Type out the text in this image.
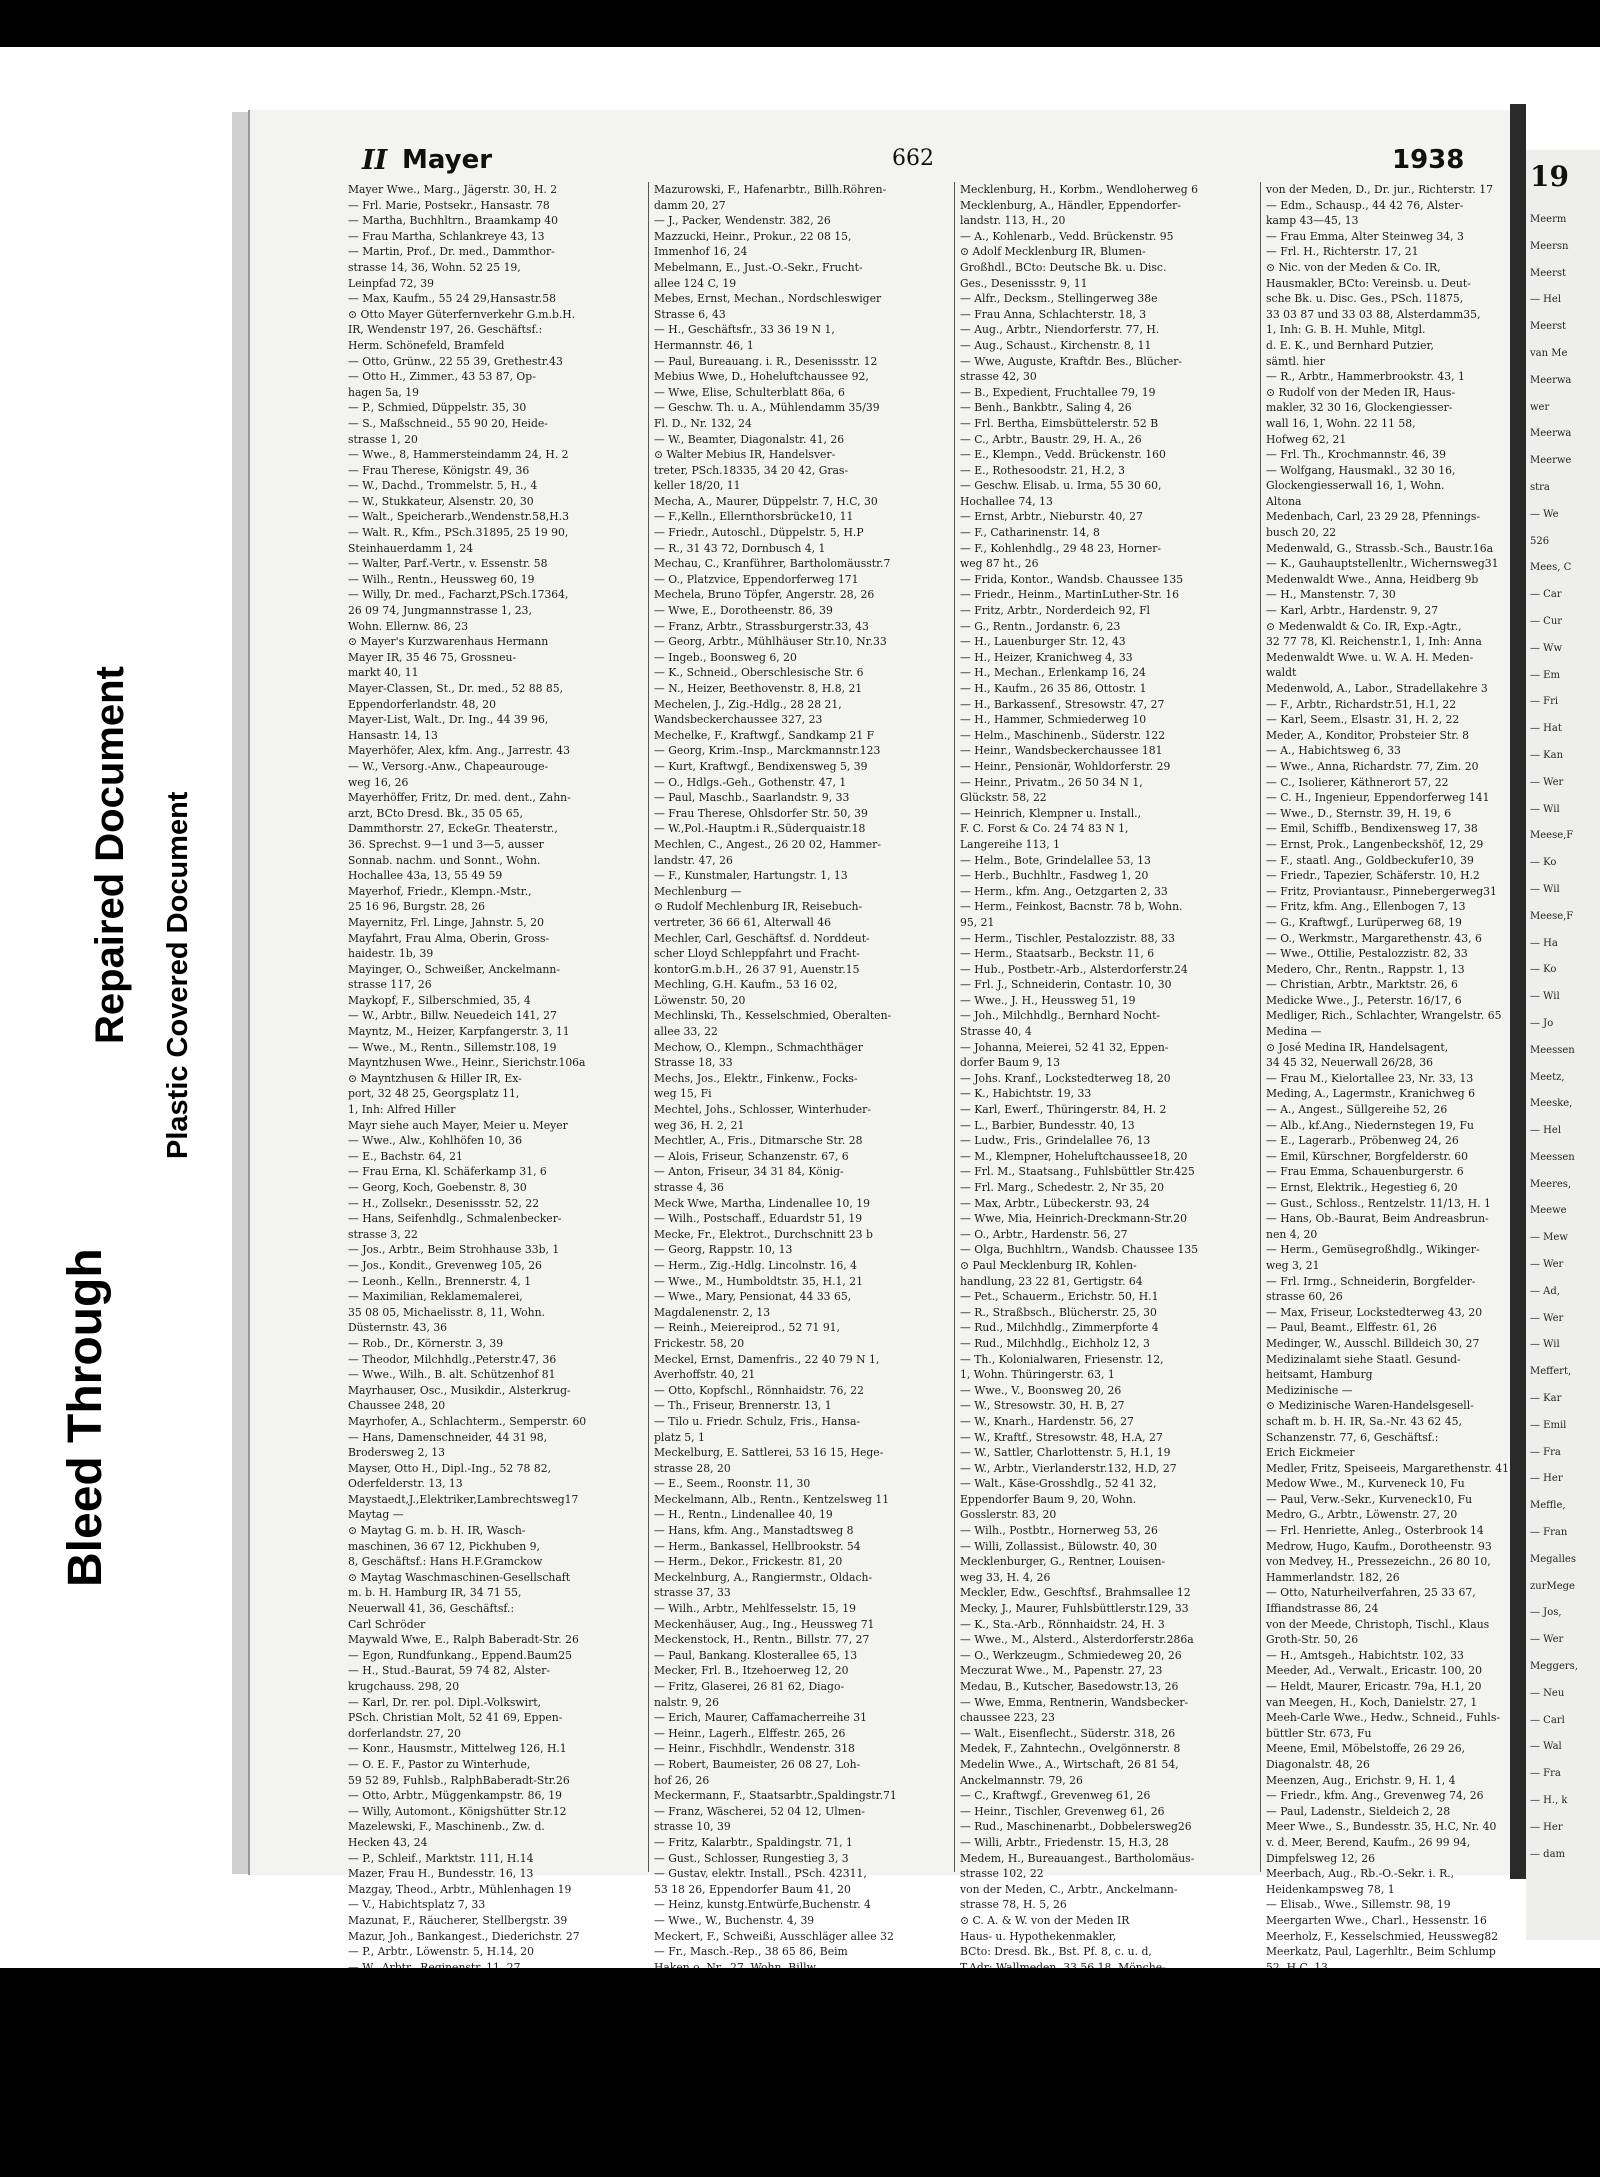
Bleed Through
Repaired Document Plastic Covered Document
II Mayer	662	1938

Mayer Wwe., Marg., Jägerstr. 30, H. 2

— Frl. Marie, Postsekr., Hansastr. 78

— Martha, Buchhltrn., Braamkamp 40

— Frau Martha, Schlankreye 43, 13

— Martin, Prof., Dr. med., Dammthor-

strasse 14, 36, Wohn. 52 25 19,

Leinpfad 72, 39

— Max, Kaufm., 55 24 29,Hansastr.58

⊙ Otto Mayer Güterfernverkehr G.m.b.H.

IR, Wendenstr 197, 26. Geschäftsf.:

Herm. Schönefeld, Bramfeld

— Otto, Grünw., 22 55 39, Grethestr.43

— Otto H., Zimmer., 43 53 87, Op-

hagen 5a, 19

— P., Schmied, Düppelstr. 35, 30

— S., Maßschneid., 55 90 20, Heide-

strasse 1, 20

— Wwe., 8, Hammersteindamm 24, H. 2

— Frau Therese, Königstr. 49, 36

— W., Dachd., Trommelstr. 5, H., 4

— W., Stukkateur, Alsenstr. 20, 30

— Walt., Speicherarb.,Wendenstr.58,H.3

— Walt. R., Kfm., PSch.31895, 25 19 90,

Steinhauerdamm 1, 24

— Walter, Parf.-Vertr., v. Essenstr. 58

— Wilh., Rentn., Heussweg 60, 19

— Willy, Dr. med., Facharzt,PSch.17364,

26 09 74, Jungmannstrasse 1, 23,

Wohn. Ellernw. 86, 23

⊙ Mayer's Kurzwarenhaus Hermann

Mayer IR, 35 46 75, Grossneu-

markt 40, 11

Mayer-Classen, St., Dr. med., 52 88 85,

Eppendorferlandstr. 48, 20

Mayer-List, Walt., Dr. Ing., 44 39 96,

Hansastr. 14, 13

Mayerhöfer, Alex, kfm. Ang., Jarrestr. 43

— W., Versorg.-Anw., Chapeaurouge-

weg 16, 26

Mayerhöffer, Fritz, Dr. med. dent., Zahn-

arzt, BCto Dresd. Bk., 35 05 65,

Dammthorstr. 27, EckeGr. Theaterstr.,

36. Sprechst. 9—1 und 3—5, ausser

Sonnab. nachm. und Sonnt., Wohn.

Hochallee 43a, 13, 55 49 59

Mayerhof, Friedr., Klempn.-Mstr.,

25 16 96, Burgstr. 28, 26

Mayernitz, Frl. Linge, Jahnstr. 5, 20

Mayfahrt, Frau Alma, Oberin, Gross-

haidestr. 1b, 39

Mayinger, O., Schweißer, Anckelmann-

strasse 117, 26

Maykopf, F., Silberschmied, 35, 4

— W., Arbtr., Billw. Neuedeich 141, 27

Mayntz, M., Heizer, Karpfangerstr. 3, 11

— Wwe., M., Rentn., Sillemstr.108, 19

Mayntzhusen Wwe., Heinr., Sierichstr.106a

⊙ Mayntzhusen & Hiller IR, Ex-

port, 32 48 25, Georgsplatz 11,

1, Inh: Alfred Hiller

Mayr siehe auch Mayer, Meier u. Meyer

— Wwe., Alw., Kohlhöfen 10, 36

— E., Bachstr. 64, 21

— Frau Erna, Kl. Schäferkamp 31, 6

— Georg, Koch, Goebenstr. 8, 30

— H., Zollsekr., Desenissstr. 52, 22

— Hans, Seifenhdlg., Schmalenbecker-

strasse 3, 22

— Jos., Arbtr., Beim Strohhause 33b, 1

— Jos., Kondit., Grevenweg 105, 26

— Leonh., Kelln., Brennerstr. 4, 1

— Maximilian, Reklamemalerei,

35 08 05, Michaelisstr. 8, 11, Wohn.

Düsternstr. 43, 36

— Rob., Dr., Körnerstr. 3, 39

— Theodor, Milchhdlg.,Peterstr.47, 36

— Wwe., Wilh., B. alt. Schützenhof 81

Mayrhauser, Osc., Musikdir., Alsterkrug-

Chaussee 248, 20

Mayrhofer, A., Schlachterm., Semperstr. 60

— Hans, Damenschneider, 44 31 98,

Brodersweg 2, 13

Mayser, Otto H., Dipl.-Ing., 52 78 82,

Oderfelderstr. 13, 13

Maystaedt,J.,Elektriker,Lambrechtsweg17

Maytag —

⊙ Maytag G. m. b. H. IR, Wasch-

maschinen, 36 67 12, Pickhuben 9,

8, Geschäftsf.: Hans H.F.Gramckow

⊙ Maytag Waschmaschinen-Gesellschaft

m. b. H. Hamburg IR, 34 71 55,

Neuerwall 41, 36, Geschäftsf.:

Carl Schröder

Maywald Wwe, E., Ralph Baberadt-Str. 26

— Egon, Rundfunkang., Eppend.Baum25

— H., Stud.-Baurat, 59 74 82, Alster-

krugchauss. 298, 20

— Karl, Dr. rer. pol. Dipl.-Volkswirt,

PSch. Christian Molt, 52 41 69, Eppen-

dorferlandstr. 27, 20

— Konr., Hausmstr., Mittelweg 126, H.1

— O. E. F., Pastor zu Winterhude,

59 52 89, Fuhlsb., RalphBaberadt-Str.26

— Otto, Arbtr., Müggenkampstr. 86, 19

— Willy, Automont., Königshütter Str.12

Mazelewski, F., Maschinenb., Zw. d.

Hecken 43, 24

— P., Schleif., Marktstr. 111, H.14

Mazer, Frau H., Bundesstr. 16, 13

Mazgay, Theod., Arbtr., Mühlenhagen 19

— V., Habichtsplatz 7, 33

Mazunat, F., Räucherer, Stellbergstr. 39

Mazur, Joh., Bankangest., Diederichstr. 27

— P., Arbtr., Löwenstr. 5, H.14, 20

Mazurowski, F., Hafenarbtr., Billh.Röhren-

damm 20, 27

— J., Packer, Wendenstr. 382, 26

Mazzucki, Heinr., Prokur., 22 08 15,

Immenhof 16, 24

Mebelmann, E., Just.-O.-Sekr., Frucht-

allee 124 C, 19

Mebes, Ernst, Mechan., Nordschleswiger

Strasse 6, 43

— H., Geschäftsfr., 33 36 19 N 1,

Hermannstr. 46, 1

— Paul, Bureauang. i. R., Desenissstr. 12

Mebius Wwe, D., Hoheluftchaussee 92,

— Wwe, Elise, Schulterblatt 86a, 6

— Geschw. Th. u. A., Mühlendamm 35/39

Fl. D., Nr. 132, 24

— W., Beamter, Diagonalstr. 41, 26

⊙ Walter Mebius IR, Handelsver-

treter, PSch.18335, 34 20 42, Gras-

keller 18/20, 11

Mecha, A., Maurer, Düppelstr. 7, H.C, 30

— F.,Kelln., Ellernthorsbrücke10, 11

— Friedr., Autoschl., Düppelstr. 5, H.P

— R., 31 43 72, Dornbusch 4, 1

Mechau, C., Kranführer, Bartholomäusstr.7

— O., Platzvice, Eppendorferweg 171

Mechela, Bruno Töpfer, Angerstr. 28, 26

— Wwe, E., Dorotheenstr. 86, 39

— Franz, Arbtr., Strassburgerstr.33, 43

— Georg, Arbtr., Mühlhäuser Str.10, Nr.33

— Ingeb., Boonsweg 6, 20

— K., Schneid., Oberschlesische Str. 6

— N., Heizer, Beethovenstr. 8, H.8, 21

Mechelen, J., Zig.-Hdlg., 28 28 21,

Wandsbeckerchaussee 327, 23

Mechelke, F., Kraftwgf., Sandkamp 21 F

— Georg, Krim.-Insp., Marckmannstr.123

— Kurt, Kraftwgf., Bendixensweg 5, 39

— O., Hdlgs.-Geh., Gothenstr. 47, 1

— Paul, Maschb., Saarlandstr. 9, 33

— Frau Therese, Ohlsdorfer Str. 50, 39

— W.,Pol.-Hauptm.i R.,Süderquaistr.18

Mechlen, C., Angest., 26 20 02, Hammer-

landstr. 47, 26

— F., Kunstmaler, Hartungstr. 1, 13

Mechlenburg —

⊙ Rudolf Mechlenburg IR, Reisebuch-

vertreter, 36 66 61, Alterwall 46

Mechler, Carl, Geschäftsf. d. Norddeut-

scher Lloyd Schleppfahrt und Fracht-

kontorG.m.b.H., 26 37 91, Auenstr.15

Mechling, G.H. Kaufm., 53 16 02,

Löwenstr. 50, 20

Mechlinski, Th., Kesselschmied, Oberalten-

allee 33, 22

Mechow, O., Klempn., Schmachthäger

Strasse 18, 33

Mechs, Jos., Elektr., Finkenw., Focks-

weg 15, Fi

Mechtel, Johs., Schlosser, Winterhuder-

weg 36, H. 2, 21

Mechtler, A., Fris., Ditmarsche Str. 28

— Alois, Friseur, Schanzenstr. 67, 6

— Anton, Friseur, 34 31 84, König-

strasse 4, 36

Meck Wwe, Martha, Lindenallee 10, 19

— Wilh., Postschaff., Eduardstr 51, 19

Mecke, Fr., Elektrot., Durchschnitt 23 b

— Georg, Rappstr. 10, 13

— Herm., Zig.-Hdlg. Lincolnstr. 16, 4

— Wwe., M., Humboldtstr. 35, H.1, 21

— Wwe., Mary, Pensionat, 44 33 65,

Magdalenenstr. 2, 13

— Reinh., Meiereiprod., 52 71 91,

Frickestr. 58, 20

Meckel, Ernst, Damenfris., 22 40 79 N 1,

Averhoffstr. 40, 21

— Otto, Kopfschl., Rönnhaidstr. 76, 22

— Th., Friseur, Brennerstr. 13, 1

— Tilo u. Friedr. Schulz, Fris., Hansa-

platz 5, 1

Meckelburg, E. Sattlerei, 53 16 15, Hege-

strasse 28, 20

— E., Seem., Roonstr. 11, 30

Meckelmann, Alb., Rentn., Kentzelsweg 11

— H., Rentn., Lindenallee 40, 19

— Hans, kfm. Ang., Manstadtsweg 8

— Herm., Bankassel, Hellbrookstr. 54

— Herm., Dekor., Frickestr. 81, 20

Meckelnburg, A., Rangiermstr., Oldach-

strasse 37, 33

— Wilh., Arbtr., Mehlfesselstr. 15, 19

Meckenhäuser, Aug., Ing., Heussweg 71

Meckenstock, H., Rentn., Billstr. 77, 27

— Paul, Bankang. Klosterallee 65, 13

Mecker, Frl. B., Itzehoerweg 12, 20

— Fritz, Glaserei, 26 81 62, Diago-

nalstr. 9, 26

— Erich, Maurer, Caffamacherreihe 31

— Heinr., Lagerh., Elffestr. 265, 26

— Heinr., Fischhdlr., Wendenstr. 318

— Robert, Baumeister, 26 08 27, Loh-

hof 26, 26

Meckermann, F., Staatsarbtr.,Spaldingstr.71

— Franz, Wäscherei, 52 04 12, Ulmen-

strasse 10, 39

— Fritz, Kalarbtr., Spaldingstr. 71, 1

— Gust., Schlosser, Rungestieg 3, 3

— Gustav, elektr. Install., PSch. 42311,

53 18 26, Eppendorfer Baum 41, 20

— Heinz, kunstg.Entwürfe,Buchenstr. 4

— Wwe., W., Buchenstr. 4, 39

Meckert, F., Schweißi, Ausschläger allee 32

— Fr., Masch.-Rep., 38 65 86, Beim

Mecklenburg, H., Korbm., Wendloherweg 6

Mecklenburg, A., Händler, Eppendorfer-

landstr. 113, H., 20

— A., Kohlenarb., Vedd. Brückenstr. 95

⊙ Adolf Mecklenburg IR, Blumen-

Großhdl., BCto: Deutsche Bk. u. Disc.

Ges., Desenissstr. 9, 11

— Alfr., Decksm., Stellingerweg 38e

— Frau Anna, Schlachterstr. 18, 3

— Aug., Arbtr., Niendorferstr. 77, H.

— Aug., Schaust., Kirchenstr. 8, 11

— Wwe, Auguste, Kraftdr. Bes., Blücher-

strasse 42, 30

— B., Expedient, Fruchtallee 79, 19

— Benh., Bankbtr., Saling 4, 26

— Frl. Bertha, Eimsbüttelerstr. 52 B

— C., Arbtr., Baustr. 29, H. A., 26

— E., Klempn., Vedd. Brückenstr. 160

— E., Rothesoodstr. 21, H.2, 3

— Geschw. Elisab. u. Irma, 55 30 60,

Hochallee 74, 13

— Ernst, Arbtr., Nieburstr. 40, 27

— F., Catharinenstr. 14, 8

— F., Kohlenhdlg., 29 48 23, Horner-

weg 87 ht., 26

— Frida, Kontor., Wandsb. Chaussee 135

— Friedr., Heinm., MartinLuther-Str. 16

— Fritz, Arbtr., Norderdeich 92, Fl

— G., Rentn., Jordanstr. 6, 23

— H., Lauenburger Str. 12, 43

— H., Heizer, Kranichweg 4, 33

— H., Mechan., Erlenkamp 16, 24

— H., Kaufm., 26 35 86, Ottostr. 1

— H., Barkassenf., Stresowstr. 47, 27

— H., Hammer, Schmiederweg 10

— Helm., Maschinenb., Süderstr. 122

— Heinr., Wandsbeckerchaussee 181

— Heinr., Pensionär, Wohldorferstr. 29

— Heinr., Privatm., 26 50 34 N 1,

Glückstr. 58, 22

— Heinrich, Klempner u. Install.,

F. C. Forst & Co. 24 74 83 N 1,

Langereihe 113, 1

— Helm., Bote, Grindelallee 53, 13

— Herb., Buchhltr., Fasdweg 1, 20

— Herm., kfm. Ang., Oetzgarten 2, 33

— Herm., Feinkost, Bacnstr. 78 b, Wohn.

95, 21

— Herm., Tischler, Pestalozzistr. 88, 33

— Herm., Staatsarb., Beckstr. 11, 6

— Hub., Postbetr.-Arb., Alsterdorferstr.24

— Frl. J., Schneiderin, Contastr. 10, 30

— Wwe., J. H., Heussweg 51, 19

— Joh., Milchhdlg., Bernhard Nocht-

Strasse 40, 4

— Johanna, Meierei, 52 41 32, Eppen-

dorfer Baum 9, 13

— Johs. Kranf., Lockstedterweg 18, 20

— K., Habichtstr. 19, 33

— Karl, Ewerf., Thüringerstr. 84, H. 2

— L., Barbier, Bundesstr. 40, 13

— Ludw., Fris., Grindelallee 76, 13

— M., Klempner, Hoheluftchaussee18, 20

— Frl. M., Staatsang., Fuhlsbüttler Str.425

— Frl. Marg., Schedestr. 2, Nr 35, 20

— Max, Arbtr., Lübeckerstr. 93, 24

— Wwe, Mia, Heinrich-Dreckmann-Str.20

— O., Arbtr., Hardenstr. 56, 27

— Olga, Buchhltrn., Wandsb. Chaussee 135

⊙ Paul Mecklenburg IR, Kohlen-

handlung, 23 22 81, Gertigstr. 64

— Pet., Schauerm., Erichstr. 50, H.1

— R., Straßbsch., Blücherstr. 25, 30

— Rud., Milchhdlg., Zimmerpforte 4

— Rud., Milchhdlg., Eichholz 12, 3

— Th., Kolonialwaren, Friesenstr. 12,

1, Wohn. Thüringerstr. 63, 1

— Wwe., V., Boonsweg 20, 26

— W., Stresowstr. 30, H. B, 27

— W., Knarh., Hardenstr. 56, 27

— W., Kraftf., Stresowstr. 48, H.A, 27

— W., Sattler, Charlottenstr. 5, H.1, 19

— W., Arbtr., Vierlanderstr.132, H.D, 27

— Walt., Käse-Grosshdlg., 52 41 32,

Eppendorfer Baum 9, 20, Wohn.

Gosslerstr. 83, 20

— Wilh., Postbtr., Hornerweg 53, 26

— Willi, Zollassist., Bülowstr. 40, 30

Mecklenburger, G., Rentner, Louisen-

weg 33, H. 4, 26

Meckler, Edw., Geschftsf., Brahmsallee 12

Mecky, J., Maurer, Fuhlsbüttlerstr.129, 33

— K., Sta.-Arb., Rönnhaidstr. 24, H. 3

— Wwe., M., Alsterd., Alsterdorferstr.286a

— O., Werkzeugm., Schmiedeweg 20, 26

Meczurat Wwe., M., Papenstr. 27, 23

Medau, B., Kutscher, Basedowstr.13, 26

— Wwe, Emma, Rentnerin, Wandsbecker-

chaussee 223, 23

— Walt., Eisenflecht., Süderstr. 318, 26

Medek, F., Zahntechn., Ovelgönnerstr. 8

Medelin Wwe., A., Wirtschaft, 26 81 54,

Anckelmannstr. 79, 26

— C., Kraftwgf., Grevenweg 61, 26

— Heinr., Tischler, Grevenweg 61, 26

— Rud., Maschinenarbt., Dobbelersweg26

— Willi, Arbtr., Friedenstr. 15, H.3, 28

Medem, H., Bureauangest., Bartholomäus-

strasse 102, 22

von der Meden, C., Arbtr., Anckelmann-

strasse 78, H. 5, 26

⊙ C. A. & W. von der Meden IR

Haus- u. Hypothekenmakler,

BCto: Dresd. Bk., Bst. Pf. 8, c. u. d,

von der Meden, D., Dr. jur., Richterstr. 17

— Edm., Schausp., 44 42 76, Alster-

kamp 43—45, 13

— Frau Emma, Alter Steinweg 34, 3

— Frl. H., Richterstr. 17, 21

⊙ Nic. von der Meden & Co. IR,

Hausmakler, BCto: Vereinsb. u. Deut-

sche Bk. u. Disc. Ges., PSch. 11875,

33 03 87 und 33 03 88, Alsterdamm35,

1, Inh: G. B. H. Muhle, Mitgl.

d. E. K., und Bernhard Putzier,

sämtl. hier

— R., Arbtr., Hammerbrookstr. 43, 1

⊙ Rudolf von der Meden IR, Haus-

makler, 32 30 16, Glockengiesser-

wall 16, 1, Wohn. 22 11 58,

Hofweg 62, 21

— Frl. Th., Krochmannstr. 46, 39

— Wolfgang, Hausmakl., 32 30 16,

Glockengiesserwall 16, 1, Wohn.

Altona

Medenbach, Carl, 23 29 28, Pfennings-

busch 20, 22

Medenwald, G., Strassb.-Sch., Baustr.16a

— K., Gauhauptstellenltr., Wichernsweg31

Medenwaldt Wwe., Anna, Heidberg 9b

— H., Manstenstr. 7, 30

— Karl, Arbtr., Hardenstr. 9, 27

⊙ Medenwaldt & Co. IR, Exp.-Agtr.,

32 77 78, Kl. Reichenstr.1, 1, Inh: Anna

Medenwaldt Wwe. u. W. A. H. Meden-

waldt

Medenwold, A., Labor., Stradellakehre 3

— F., Arbtr., Richardstr.51, H.1, 22

— Karl, Seem., Elsastr. 31, H. 2, 22

Meder, A., Konditor, Probsteier Str. 8

— A., Habichtsweg 6, 33

— Wwe., Anna, Richardstr. 77, Zim. 20

— C., Isolierer, Käthnerort 57, 22

— C. H., Ingenieur, Eppendorferweg 141

— Wwe., D., Sternstr. 39, H. 19, 6

— Emil, Schiffb., Bendixensweg 17, 38

— Ernst, Prok., Langenbeckshöf, 12, 29

— F., staatl. Ang., Goldbeckufer10, 39

— Friedr., Tapezier, Schäferstr. 10, H.2

— Fritz, Proviantausr., Pinnebergerweg31

— Fritz, kfm. Ang., Ellenbogen 7, 13

— G., Kraftwgf., Lurüperweg 68, 19

— O., Werkmstr., Margarethenstr. 43, 6

— Wwe., Ottilie, Pestalozzistr. 82, 33

Medero, Chr., Rentn., Rappstr. 1, 13

— Christian, Arbtr., Marktstr. 26, 6

Medicke Wwe., J., Peterstr. 16/17, 6

Medliger, Rich., Schlachter, Wrangelstr. 65

Medina —

⊙ José Medina IR, Handelsagent,

34 45 32, Neuerwall 26/28, 36

— Frau M., Kielortallee 23, Nr. 33, 13

Meding, A., Lagermstr., Kranichweg 6

— A., Angest., Süllgereihe 52, 26

— Alb., kf.Ang., Niedernstegen 19, Fu

— E., Lagerarb., Pröbenweg 24, 26

— Emil, Kürschner, Borgfelderstr. 60

— Frau Emma, Schauenburgerstr. 6

— Ernst, Elektrik., Hegestieg 6, 20

— Gust., Schloss., Rentzelstr. 11/13, H. 1

— Hans, Ob.-Baurat, Beim Andreasbrun-

nen 4, 20

— Herm., Gemüsegroßhdlg., Wikinger-

weg 3, 21

— Frl. Irmg., Schneiderin, Borgfelder-

strasse 60, 26

— Max, Friseur, Lockstedterweg 43, 20

— Paul, Beamt., Elffestr. 61, 26

Medinger, W., Ausschl. Billdeich 30, 27

Medizinalamt siehe Staatl. Gesund-

heitsamt, Hamburg

Medizinische —

⊙ Medizinische Waren-Handelsgesell-

schaft m. b. H. IR, Sa.-Nr. 43 62 45,

Schanzenstr. 77, 6, Geschäftsf.:

Erich Eickmeier

Medler, Fritz, Speiseeis, Margarethenstr. 41

Medow Wwe., M., Kurveneck 10, Fu

— Paul, Verw.-Sekr., Kurveneck10, Fu

Medro, G., Arbtr., Löwenstr. 27, 20

— Frl. Henriette, Anleg., Osterbrook 14

Medrow, Hugo, Kaufm., Dorotheenstr. 93

von Medvey, H., Pressezeichn., 26 80 10,

Hammerlandstr. 182, 26

— Otto, Naturheilverfahren, 25 33 67,

Iffiandstrasse 86, 24

von der Meede, Christoph, Tischl., Klaus

Groth-Str. 50, 26

— H., Amtsgeh., Habichtstr. 102, 33

Meeder, Ad., Verwalt., Ericastr. 100, 20

— Heldt, Maurer, Ericastr. 79a, H.1, 20

van Meegen, H., Koch, Danielstr. 27, 1

Meeh-Carle Wwe., Hedw., Schneid., Fuhls-

büttler Str. 673, Fu

Meene, Emil, Möbelstoffe, 26 29 26,

Diagonalstr. 48, 26

Meenzen, Aug., Erichstr. 9, H. 1, 4

— Friedr., kfm. Ang., Grevenweg 74, 26

— Paul, Ladenstr., Sieldeich 2, 28

Meer Wwe., S., Bundesstr. 35, H.C, Nr. 40

v. d. Meer, Berend, Kaufm., 26 99 94,

Dimpfelsweg 12, 26

Meerbach, Aug., Rb.-O.-Sekr. i. R.,

Heidenkampsweg 78, 1

— Elisab., Wwe., Sillemstr. 98, 19

Meergarten Wwe., Charl., Hessenstr. 16

Meerholz, F., Kesselschmied, Heussweg82

Meerkatz, Paul, Lagerhltr., Beim Schlump

19

Meerm

Meersn

Meerst

— Hel

Meerst

van Me

Meerwa

wer

Meerwa

Meerwe

stra

— We

526

Mees, C

— Car

— Cur

— Ww

— Em

— Fri

— Hat

— Kan

— Wer

— Wil

Meese,F

— Ko

— Wil

Meese,F

— Ha

— Ko

— Wil

— Jo

Meessen

Meetz,

Meeske,

— Hel

Meessen

Meeres,

Meewe

— Mew

— Wer

— Ad,

— Wer

— Wil

Meffert,

— Kar

— Emil

— Fra

— Her

Meffle,

— Fran

Megalles

zurMege

— Jos,

— Wer

Meggers,

— Neu

— Carl

— Wal

— Fra

— H., k

— Her

— dam
